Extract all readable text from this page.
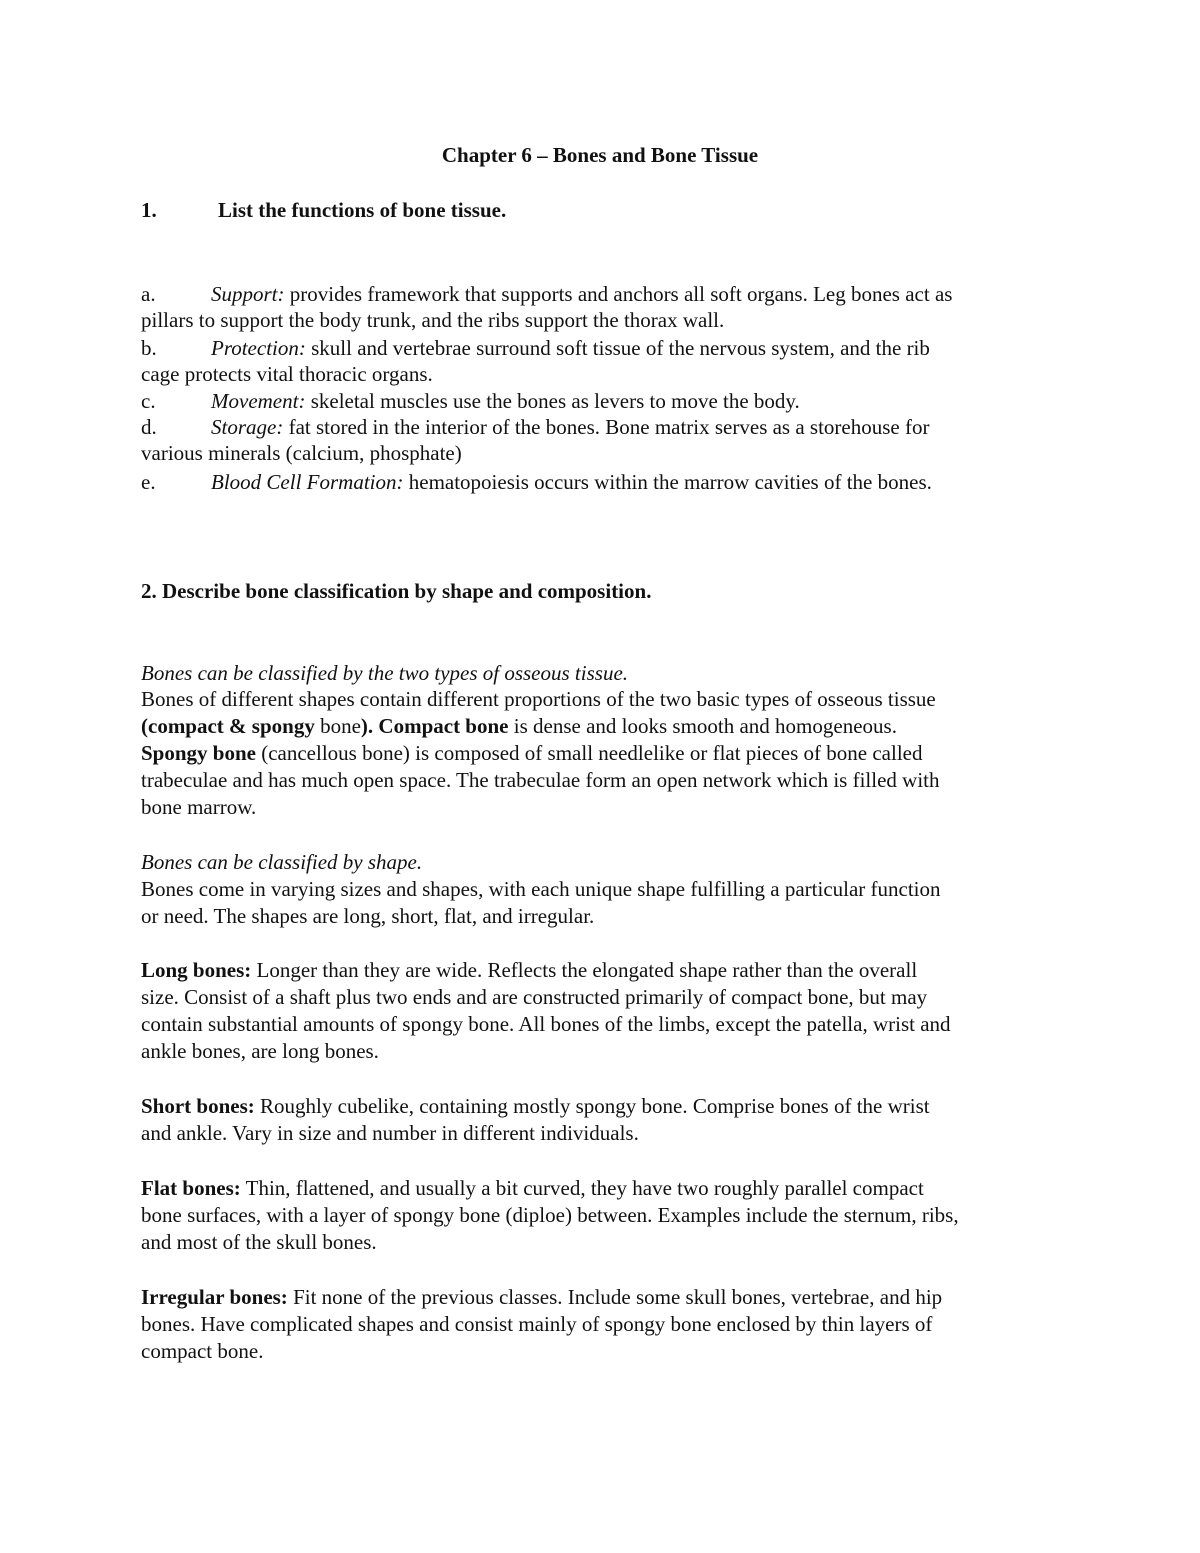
Chapter 6 – Bones and Bone Tissue
1.	List the functions of bone tissue.
a.	Support: provides framework that supports and anchors all soft organs. Leg bones act as
pillars to support the body trunk, and the ribs support the thorax wall.
b.	Protection: skull and vertebrae surround soft tissue of the nervous system, and the rib
cage protects vital thoracic organs.
c.	Movement: skeletal muscles use the bones as levers to move the body.
d.	Storage: fat stored in the interior of the bones. Bone matrix serves as a storehouse for
various minerals (calcium, phosphate)
e.	Blood Cell Formation: hematopoiesis occurs within the marrow cavities of the bones.
2. Describe bone classification by shape and composition.
Bones can be classified by the two types of osseous tissue.
Bones of different shapes contain different proportions of the two basic types of osseous tissue
(compact & spongy bone). Compact bone is dense and looks smooth and homogeneous.
Spongy bone (cancellous bone) is composed of small needlelike or flat pieces of bone called
trabeculae and has much open space. The trabeculae form an open network which is filled with
bone marrow.
Bones can be classified by shape.
Bones come in varying sizes and shapes, with each unique shape fulfilling a particular function
or need. The shapes are long, short, flat, and irregular.
Long bones: Longer than they are wide. Reflects the elongated shape rather than the overall
size. Consist of a shaft plus two ends and are constructed primarily of compact bone, but may
contain substantial amounts of spongy bone. All bones of the limbs, except the patella, wrist and
ankle bones, are long bones.
Short bones: Roughly cubelike, containing mostly spongy bone. Comprise bones of the wrist
and ankle. Vary in size and number in different individuals.
Flat bones: Thin, flattened, and usually a bit curved, they have two roughly parallel compact
bone surfaces, with a layer of spongy bone (diploe) between. Examples include the sternum, ribs,
and most of the skull bones.
Irregular bones: Fit none of the previous classes. Include some skull bones, vertebrae, and hip
bones. Have complicated shapes and consist mainly of spongy bone enclosed by thin layers of
compact bone.
